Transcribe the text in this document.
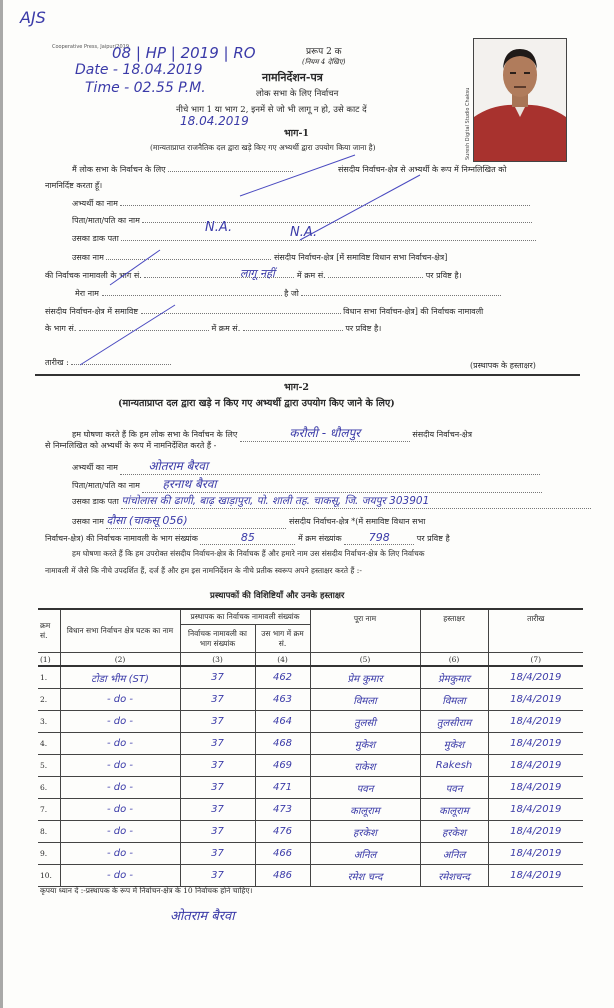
AJS
Cooperative Press, Jaipur/2019
08 | HP | 2019 | RO
Date - 18.04.2019
Time - 02.55 P.M.
18.04.2019
प्ररूप 2 क
(नियम 4 देखिए)
नामनिर्देशन-पत्र
लोक सभा के लिए निर्वाचन
नीचे भाग 1 या भाग 2, इनमें से जो भी लागू न हो, उसे काट दें	Suresh Digital Studio Chaksu
भाग-1
(मान्यताप्राप्त राजनैतिक दल द्वारा खड़े किए गए अभ्यर्थी द्वारा उपयोग किया जाना है)
मैं लोक सभा के निर्वाचन के लिए	संसदीय निर्वाचन-क्षेत्र से अभ्यर्थी के रूप में निम्नलिखित को
नामनिर्दिष्ट करता हूँ।
अभ्यर्थी का नाम
पिता/माता/पति का नाम
उसका डाक पता
उसका नाम	संसदीय निर्वाचन-क्षेत्र [में समाविष्ट विधान सभा निर्वाचन-क्षेत्र]
की निर्वाचक नामावली के भाग सं.	में क्रम सं.	पर प्रविष्ट है।
मेरा नाम	है जो
संसदीय निर्वाचन-क्षेत्र में समाविष्ट	विधान सभा निर्वाचन-क्षेत्र] की निर्वाचक नामावली
के भाग सं.	में क्रम सं.	पर प्रविष्ट है।
तारीख :	(प्रस्थापक के हस्ताक्षर)
N.A.	N.A.
लागू नहीं
भाग-2
(मान्यताप्राप्त दल द्वारा खड़े न किए गए अभ्यर्थी द्वारा उपयोग किए जाने के लिए)
हम घोषणा करते हैं कि हम लोक सभा के निर्वाचन के लिए	करौली - धौलपुर	संसदीय निर्वाचन-क्षेत्र
से निम्नलिखित को अभ्यर्थी के रूप में नामनिर्देशित करते हैं -
अभ्यर्थी का नाम	ओतराम बैरवा
पिता/माता/पति का नाम हरनाथ बैरवा
उसका डाक पता पांचोलास की ढाणी, बाढ़ खाड़ापुरा, पो. शाली तह. चाकसू, जि. जयपुर 303901
उसका नाम दौसा (चाकसू 056)	संसदीय निर्वाचन-क्षेत्र *(में समाविष्ट विधान सभा
निर्वाचन-क्षेत्र) की निर्वाचक नामावली के भाग संख्यांक	85	में क्रम संख्यांक 798	पर प्रविष्ट है
हम घोषणा करते हैं कि हम उपरोक्त संसदीय निर्वाचन-क्षेत्र के निर्वाचक हैं और हमारे नाम उस संसदीय निर्वाचन-क्षेत्र के लिए निर्वाचक
नामावली में जैसे कि नीचे उपदर्शित हैं, दर्ज हैं और हम इस नामनिर्देशन के नीचे प्रतीक स्वरूप अपने हस्ताक्षर करते हैं :-
प्रस्थापकों की विशिष्टियाँ और उनके हस्ताक्षर
क्रम सं.	विधान सभा निर्वाचन क्षेत्र घटक का नाम	प्रस्थापक का निर्वाचक नामावली संख्यांक		पूरा नाम	हस्ताक्षर	तारीख
		निर्वाचक नामावली का भाग संख्यांक	उस भाग में क्रम सं.			
(1)	(2)	(3)	(4)	(5)	(6)	(7)
1.	टोडा भीम (ST)	37	462	प्रेम कुमार	प्रेमकुमार	18/4/2019
2.	- do -	37	463	विमला	विमला	18/4/2019
3.	- do -	37	464	तुलसी	तुलसीराम	18/4/2019
4.	- do -	37	468	मुकेश	मुकेश	18/4/2019
5.	- do -	37	469	राकेश	Rakesh	18/4/2019
6.	- do -	37	471	पवन	पवन	18/4/2019
7.	- do -	37	473	कालूराम	कालूराम	18/4/2019
8.	- do -	37	476	हरकेश	हरकेश	18/4/2019
9.	- do -	37	466	अनिल	अनिल	18/4/2019
10.	- do -	37	486	रमेश चन्द	रमेशचन्द	18/4/2019
कृपया ध्यान दें :-प्रस्थापक के रूप में निर्वाचन-क्षेत्र के 10 निर्वाचक होने चाहिए।
ओतराम बैरवा
